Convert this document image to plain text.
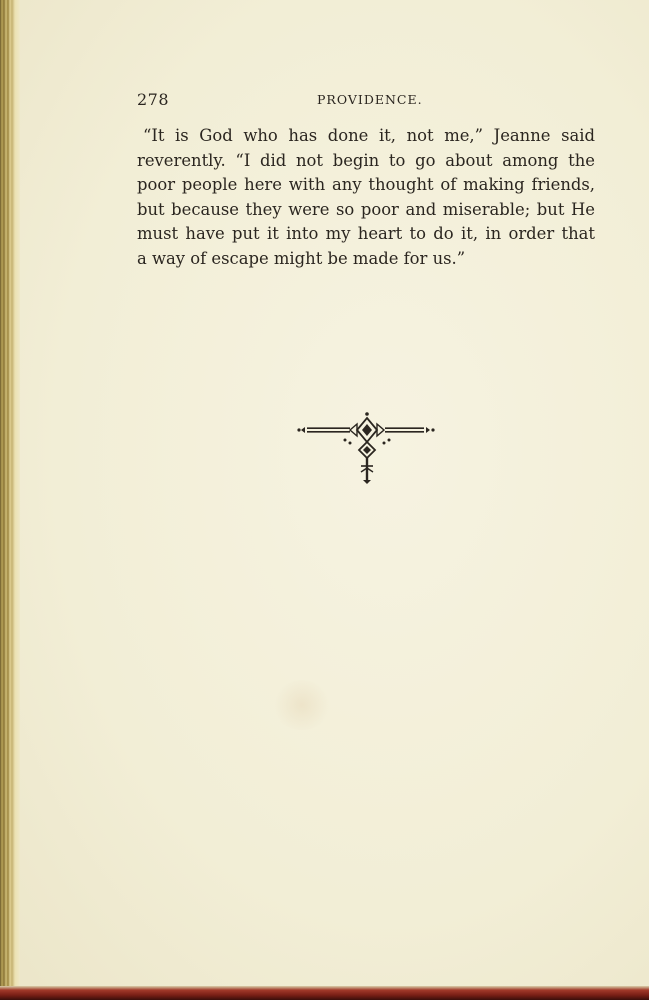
278	PROVIDENCE.
“It is God who has done it, not me,” Jeanne said
reverently. “I did not begin to go about among the
poor people here with any thought of making friends,
but because they were so poor and miserable; but He
must have put it into my heart to do it, in order that
a way of escape might be made for us.”
